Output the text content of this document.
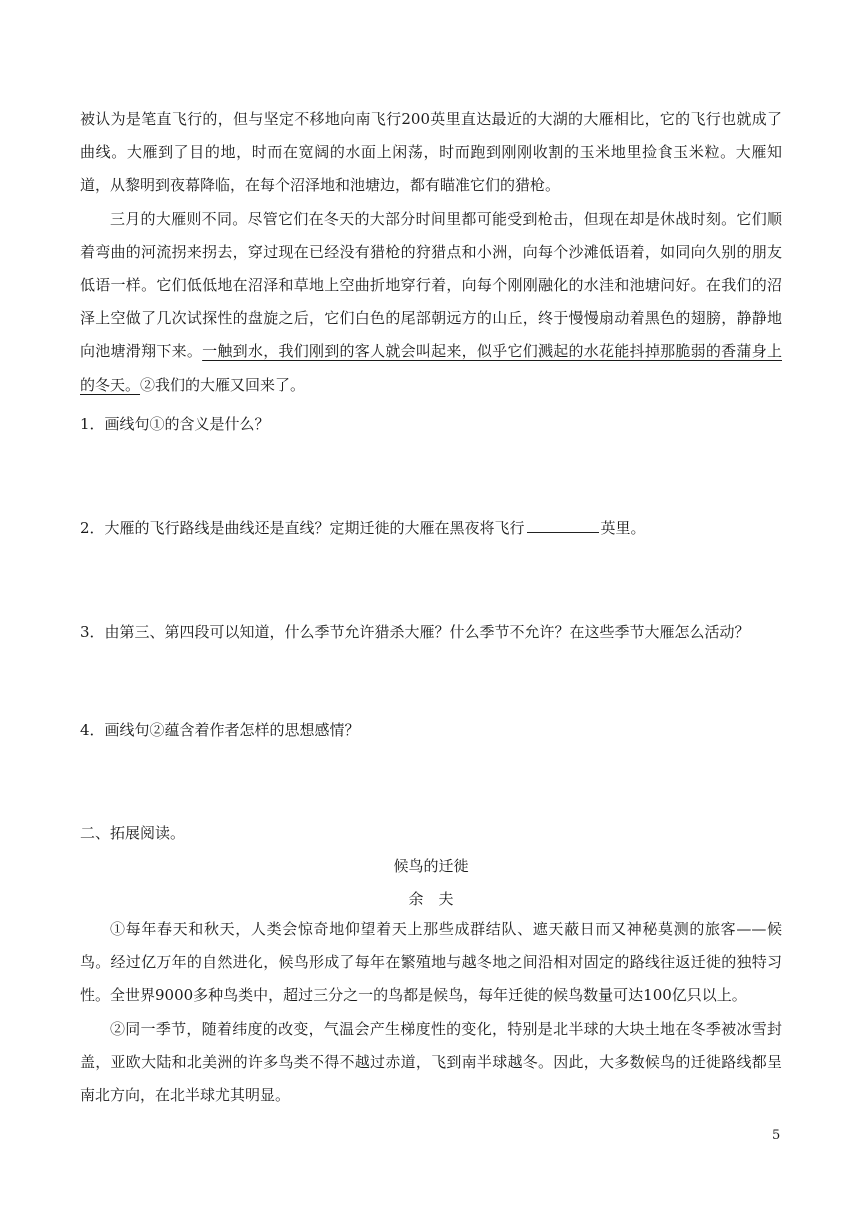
被认为是笔直飞行的，但与坚定不移地向南飞行200英里直达最近的大湖的大雁相比，它的飞行也就成了曲线。大雁到了目的地，时而在宽阔的水面上闲荡，时而跑到刚刚收割的玉米地里捡食玉米粒。大雁知道，从黎明到夜幕降临，在每个沼泽地和池塘边，都有瞄准它们的猎枪。

三月的大雁则不同。尽管它们在冬天的大部分时间里都可能受到枪击，但现在却是休战时刻。它们顺着弯曲的河流拐来拐去，穿过现在已经没有猎枪的狩猎点和小洲，向每个沙滩低语着，如同向久别的朋友低语一样。它们低低地在沼泽和草地上空曲折地穿行着，向每个刚刚融化的水洼和池塘问好。在我们的沼泽上空做了几次试探性的盘旋之后，它们白色的尾部朝远方的山丘，终于慢慢扇动着黑色的翅膀，静静地向池塘滑翔下来。一触到水，我们刚到的客人就会叫起来，似乎它们溅起的水花能抖掉那脆弱的香蒲身上的冬天。②我们的大雁又回来了。

1．画线句①的含义是什么？

2．大雁的飞行路线是曲线还是直线？定期迁徙的大雁在黑夜将飞行	英里。

3．由第三、第四段可以知道，什么季节允许猎杀大雁？什么季节不允许？在这些季节大雁怎么活动？

4．画线句②蕴含着作者怎样的思想感情？

二、拓展阅读。

候鸟的迁徙
余　夫

①每年春天和秋天，人类会惊奇地仰望着天上那些成群结队、遮天蔽日而又神秘莫测的旅客——候鸟。经过亿万年的自然进化，候鸟形成了每年在繁殖地与越冬地之间沿相对固定的路线往返迁徙的独特习性。全世界9000多种鸟类中，超过三分之一的鸟都是候鸟，每年迁徙的候鸟数量可达100亿只以上。

②同一季节，随着纬度的改变，气温会产生梯度性的变化，特别是北半球的大块土地在冬季被冰雪封盖，亚欧大陆和北美洲的许多鸟类不得不越过赤道，飞到南半球越冬。因此，大多数候鸟的迁徙路线都呈南北方向，在北半球尤其明显。

5
